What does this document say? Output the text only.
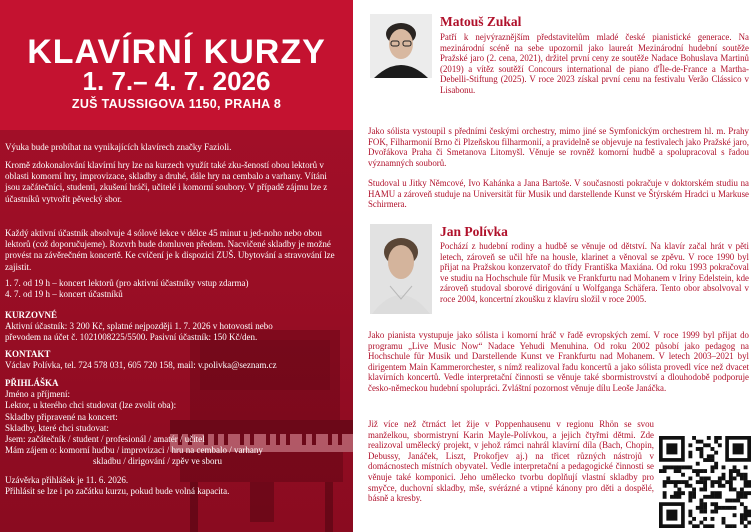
KLAVÍRNÍ KURZY
1. 7.– 4. 7. 2026
ZUŠ TAUSSIGOVA 1150, PRAHA 8

Výuka bude probíhat na vynikajících klavírech značky Fazioli.

Kromě zdokonalování klavírní hry lze na kurzech využít také zku-šeností obou lektorů v oblasti komorní hry, improvizace, skladby a druhé, dále hry na cembalo a varhany. Vítáni jsou začátečníci, studenti, zkušení hráči, učitelé i komorní soubory. V případě zájmu lze z účastníků vytvořit pěvecký sbor.

Každý aktivní účastník absolvuje 4 sólové lekce v délce 45 minut u jed-noho nebo obou lektorů (což doporučujeme). Rozvrh bude domluven předem. Nacvičené skladby je možné provést na závěrečném koncertě. Ke cvičení je k dispozici ZUŠ. Ubytování a stravování lze zajistit.

1. 7. od 19 h – koncert lektorů (pro aktivní účastníky vstup zdarma)

4. 7. od 19 h – koncert účastníků

KURZOVNÉ

Aktivní účastník: 3 200 Kč, splatné nejpozději 1. 7. 2026 v hotovosti nebo

převodem na účet č. 1021008225/5500. Pasivní účastník: 150 Kč/den.

KONTAKT

Václav Polívka, tel. 724 578 031, 605 720 158, mail: v.polivka@seznam.cz

PŘIHLÁŠKA

Jméno a příjmení:

Lektor, u kterého chci studovat (lze zvolit oba):

Skladby připravené na koncert:

Skladby, které chci studovat:

Jsem: začátečník / student / profesionál / amatér / učitel

Mám zájem o: komorní hudbu / improvizaci / hru na cembalo / varhany

skladbu / dirigování / zpěv ve sboru

Uzávěrka přihlášek je 11. 6. 2026.

Přihlásit se lze i po začátku kurzu, pokud bude volná kapacita.

Matouš Zukal

Patří k nejvýraznějším představitelům mladé české pianistické generace. Na mezinárodní scéně na sebe upozornil jako laureát Mezinárodní hudební soutěže Pražské jaro (2. cena, 2021), držitel první ceny ze soutěže Nadace Bohuslava Martinů (2019) a vítěz soutěží Concours international de piano d'Île-de-France a Martha-Debelli-Stiftung (2025). V roce 2023 získal první cenu na festivalu Verão Clássico v Lisabonu.

Jako sólista vystoupil s předními českými orchestry, mimo jiné se Symfonickým orchestrem hl. m. Prahy FOK, Filharmonií Brno či Plzeňskou filharmonií, a pravidelně se objevuje na festivalech jako Pražské jaro, Dvořákova Praha či Smetanova Litomyšl. Věnuje se rovněž komorní hudbě a spolupracoval s řadou významných souborů.

Studoval u Jitky Němcové, Ivo Kahánka a Jana Bartoše. V současnosti pokračuje v doktorském studiu na HAMU a zároveň studuje na Universität für Musik und darstellende Kunst ve Štýrském Hradci u Markuse Schirmera.

Jan Polívka

Pochází z hudební rodiny a hudbě se věnuje od dětství. Na klavír začal hrát v pěti letech, zároveň se učil hře na housle, klarinet a věnoval se zpěvu. V roce 1990 byl přijat na Pražskou konzervatoř do třídy Františka Maxiána. Od roku 1993 pokračoval ve studiu na Hochschule für Musik ve Frankfurtu nad Mohanem v Iriny Edelstein, kde zároveň studoval sborové dirigování u Wolfganga Schäfera. Tento obor absolvoval v roce 2004, koncertní zkoušku z klavíru složil v roce 2005.

Jako pianista vystupuje jako sólista i komorní hráč v řadě evropských zemí. V roce 1999 byl přijat do programu „Live Music Now“ Nadace Yehudi Menuhina. Od roku 2002 působí jako pedagog na Hochschule für Musik und Darstellende Kunst ve Frankfurtu nad Mohanem. V letech 2003–2021 byl dirigentem Main Kammerorchester, s nímž realizoval řadu koncertů a jako sólista provedl více než dvacet klavírních koncertů. Vedle interpretační činnosti se věnuje také sbormistrovství a dlouhodobě podporuje česko-německou hudební spolupráci. Zvláštní pozornost věnuje dílu Leoše Janáčka.

Již více než čtrnáct let žije v Poppenhausenu v regionu Rhön se svou manželkou, sbormistryní Karin Mayle-Polívkou, a jejich čtyřmi dětmi. Zde realizoval umělecký projekt, v jehož rámci nahrál klavírní díla (Bach, Chopin, Debussy, Janáček, Liszt, Prokofjev aj.) na třicet různých nástrojů v domácnostech místních obyvatel. Vedle interpretační a pedagogické činnosti se věnuje také komponici. Jeho umělecko tvorbu doplňují vlastní skladby pro smyčce, duchovní skladby, mše, svérázné a vtipné kánony pro děti a dospělé, básně a kresby.
